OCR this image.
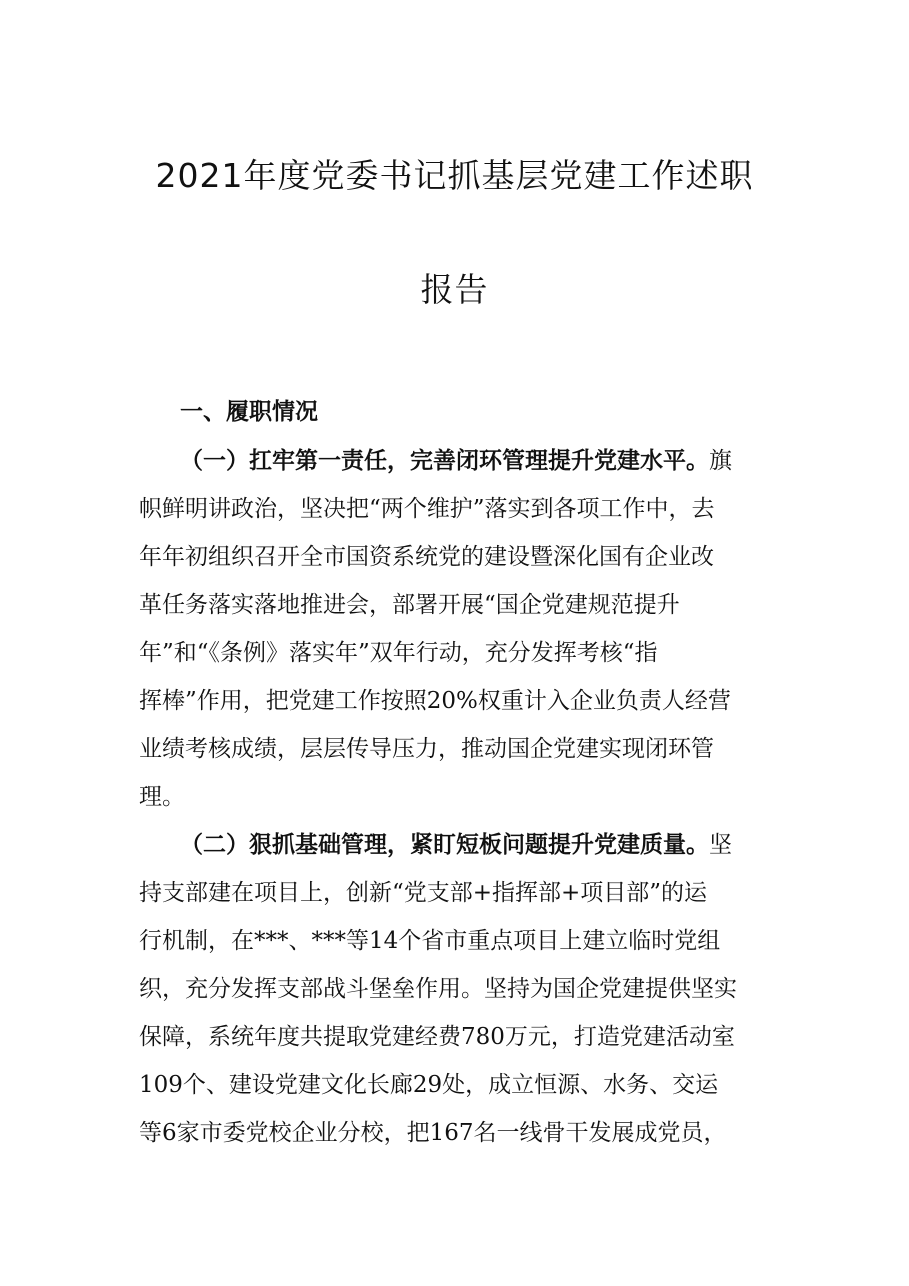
2021年度党委书记抓基层党建工作述职
报告
一、履职情况
（一）扛牢第一责任，完善闭环管理提升党建水平。旗
帜鲜明讲政治，坚决把“两个维护”落实到各项工作中，去
年年初组织召开全市国资系统党的建设暨深化国有企业改
革任务落实落地推进会，部署开展“国企党建规范提升
年”和“《条例》落实年”双年行动，充分发挥考核“指
挥棒”作用，把党建工作按照20%权重计入企业负责人经营
业绩考核成绩，层层传导压力，推动国企党建实现闭环管
理。
（二）狠抓基础管理，紧盯短板问题提升党建质量。坚
持支部建在项目上，创新“党支部+指挥部+项目部”的运
行机制，在***、***等14个省市重点项目上建立临时党组
织，充分发挥支部战斗堡垒作用。坚持为国企党建提供坚实
保障，系统年度共提取党建经费780万元，打造党建活动室
109个、建设党建文化长廊29处，成立恒源、水务、交运
等6家市委党校企业分校，把167名一线骨干发展成党员，
